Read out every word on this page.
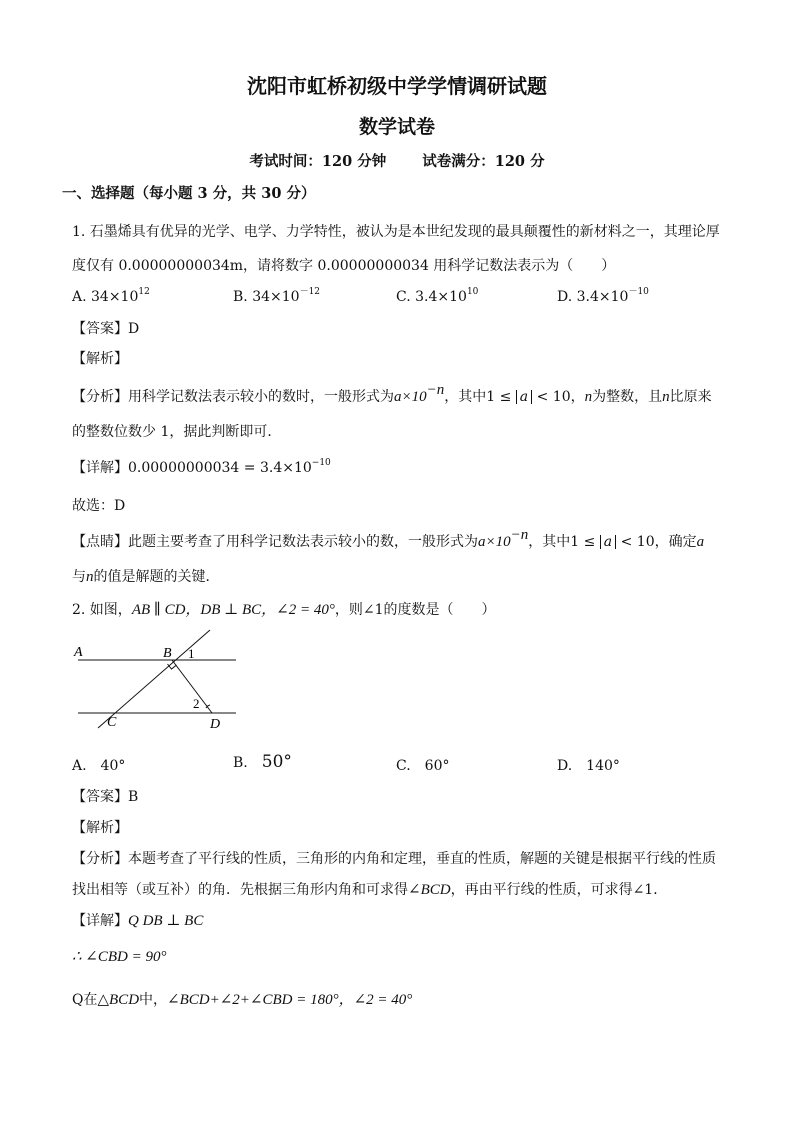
沈阳市虹桥初级中学学情调研试题
数学试卷
考试时间：120 分钟 试卷满分：120 分
一、选择题（每小题 3 分，共 30 分）
1. 石墨烯具有优异的光学、电学、力学特性，被认为是本世纪发现的最具颠覆性的新材料之一，其理论厚
度仅有 0.00000000034m，请将数字 0.00000000034 用科学记数法表示为（　　）
A. $34\times 10^{12}$	B. $34\times 10^{-12}$	C. $3.4\times 10^{10}$	D. $3.4\times 10^{-10}$
【答案】D
【解析】
【分析】用科学记数法表示较小的数时，一般形式为$a\times 10^{-n}$，其中1 ≤ a < 10，n为整数，且n比原来
的整数位数少 1，据此判断即可．
【详解】$0.00000000034 = 3.4\times 10^{-10}$
故选：D
【点睛】此题主要考查了用科学记数法表示较小的数，一般形式为$a\times 10^{-n}$，其中1 ≤ a < 10，确定a
与n的值是解题的关键．
2. 如图，AB ∥ CD，DB ⊥ BC，∠2 = 40°，则∠1的度数是（　　）
A	B 1
2
C	D
A.　40°	B.　50°	C.　60°	D.　140°
【答案】B
【解析】
【分析】本题考查了平行线的性质，三角形的内角和定理，垂直的性质，解题的关键是根据平行线的性质
找出相等（或互补）的角．先根据三角形内角和可求得∠BCD，再由平行线的性质，可求得∠1．
【详解】Q DB ⊥ BC
∴ ∠CBD = 90°
Q在△BCD中，∠BCD+∠2+∠CBD = 180°，∠2 = 40°
